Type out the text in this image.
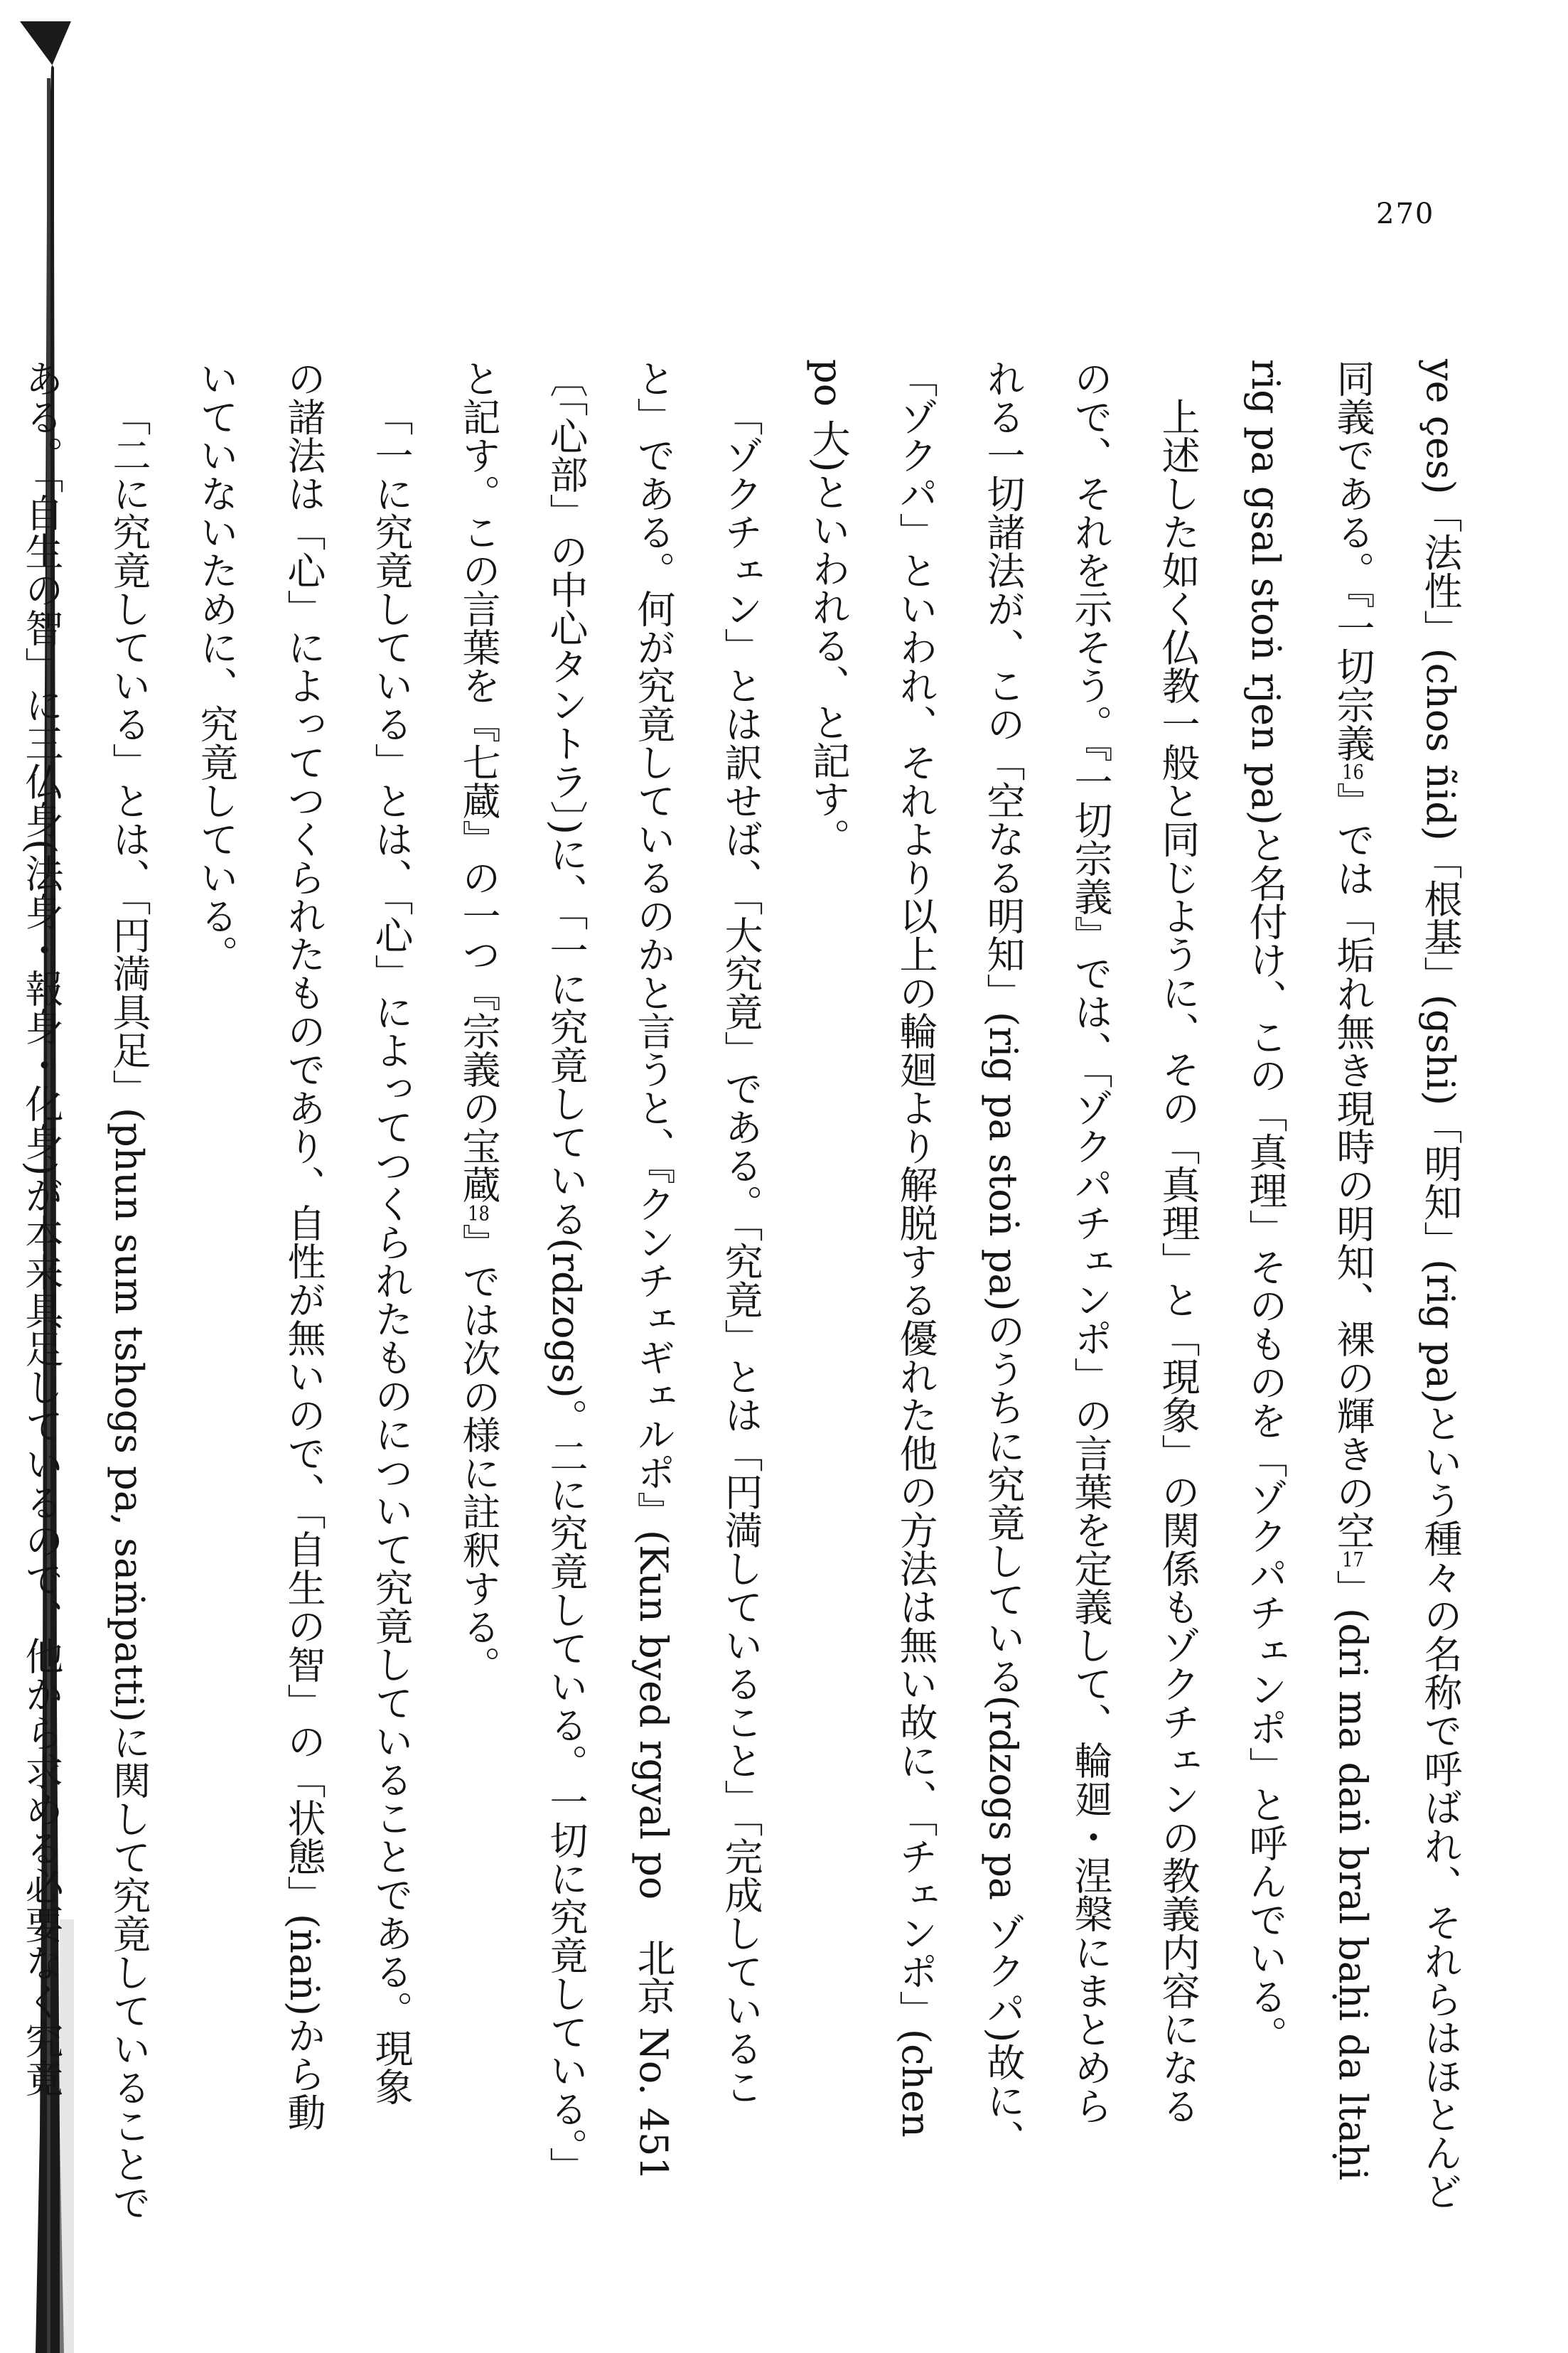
270
ye çes)「法性」(chos ñid)「根基」(gshi)「明知」(rig pa)という種々の名称で呼ばれ、それらはほとんど
同義である。『一切宗義16』では「垢れ無き現時の明知、裸の輝きの空17」(dri ma daṅ bral baḥi da ltaḥi
rig pa gsal stoṅ rjen pa)と名付け、この「真理」そのものを「ゾクパチェンポ」と呼んでいる。
上述した如く仏教一般と同じように、その「真理」と「現象」の関係もゾクチェンの教義内容になる
ので、それを示そう。『一切宗義』では、「ゾクパチェンポ」の言葉を定義して、輪廻・涅槃にまとめら
れる一切諸法が、この「空なる明知」(rig pa stoṅ pa)のうちに究竟している(rdzogs pa ゾクパ)故に、
「ゾクパ」といわれ、それより以上の輪廻より解脱する優れた他の方法は無い故に、「チェンポ」(chen
po 大)といわれる、と記す。
「ゾクチェン」とは訳せば、「大究竟」である。「究竟」とは「円満していること」「完成しているこ
と」である。何が究竟しているのかと言うと、『クンチェギェルポ』(Kun byed rgyal po　北京 No. 451
〔「心部」の中心タントラ〕)に、「一に究竟している(rdzogs)。二に究竟している。一切に究竟している。」
と記す。この言葉を『七蔵』の一つ『宗義の宝蔵18』では次の様に註釈する。
「一に究竟している」とは、「心」によってつくられたものについて究竟していることである。現象
の諸法は「心」によってつくられたものであり、自性が無いので、「自生の智」の「状態」(ṅaṅ)から動
いていないために、究竟している。
「二に究竟している」とは、「円満具足」(phun sum tshogs pa, saṁpatti)に関して究竟していることで
ある。「自生の智」に三仏身(法身・報身・化身)が本来具足しているので、他から求める必要なく究竟
